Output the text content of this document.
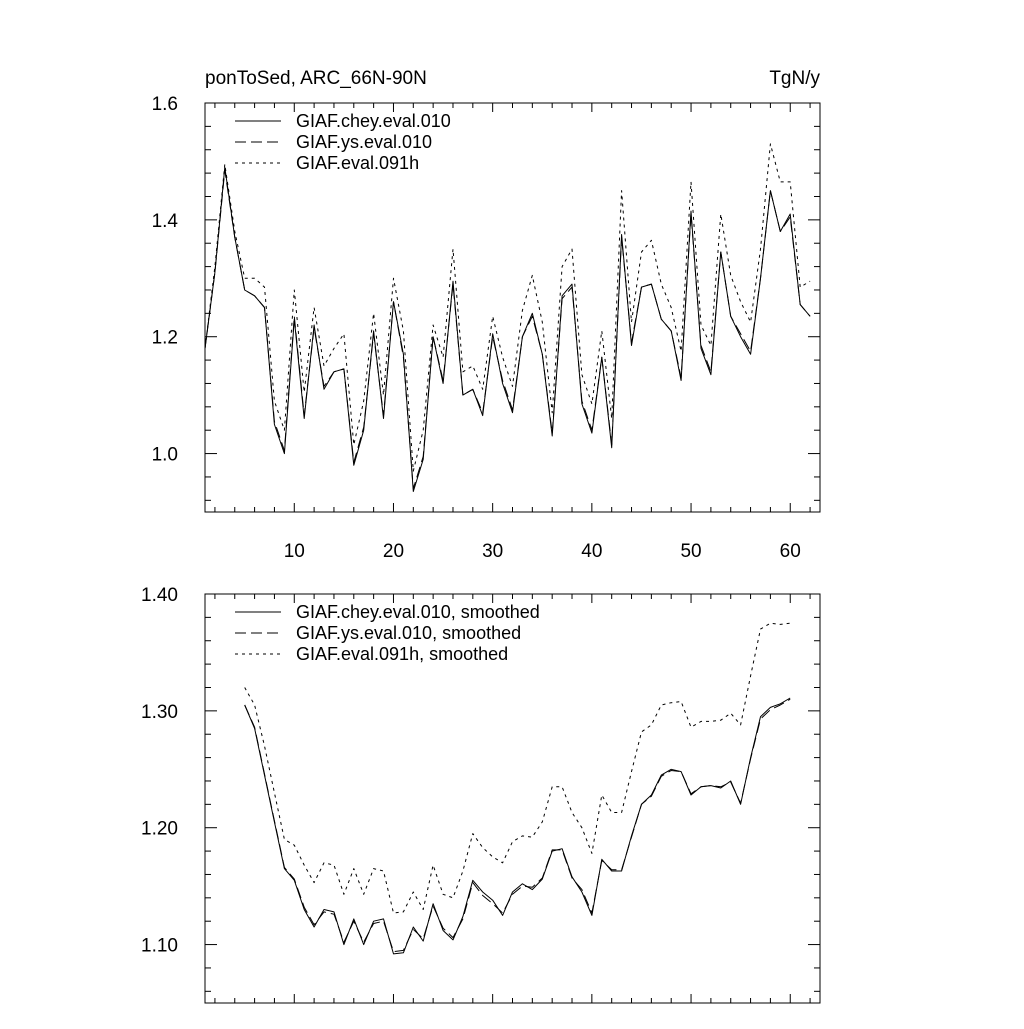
10	20	30	40	50	60
1.0
1.2
1.4
1.6
ponToSed, ARC_66N-90N	TgN/y
GIAF.chey.eval.010
GIAF.ys.eval.010
GIAF.eval.091h
1.10
1.20
1.30
1.40
GIAF.chey.eval.010, smoothed
GIAF.ys.eval.010, smoothed
GIAF.eval.091h, smoothed
